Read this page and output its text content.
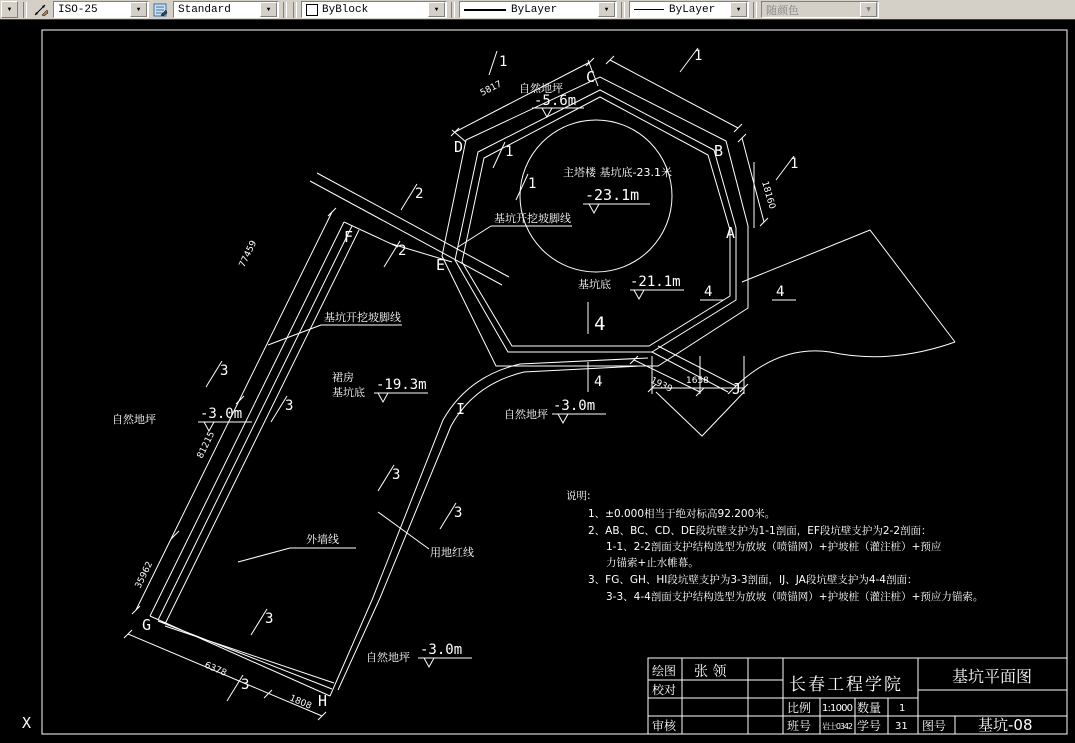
▼	ISO-25	▼	Standard	▼	ByBlock	▼	ByLayer	▼	ByLayer	▼	随颜色	▼
1
1
1
1
1
2
2
3
3
3
3
3
3
4
4
4	4
A
B
C
D
E
F
G
H
I
J
5817
77459
81215
35962
6378
1808
18160
1939 1658
自然地坪
-5.6m
主塔楼 基坑底-23.1米
-23.1m
基坑开挖坡脚线
基坑底 -21.1m
基坑开挖坡脚线
裙房
基坑底 -19.3m
自然地坪	-3.0m	自然地坪
-3.0m
外墙线
用地红线
自然地坪 -3.0m
说明:
1、±0.000相当于绝对标高92.200米。
2、AB、BC、CD、DE段坑壁支护为1-1剖面，EF段坑壁支护为2-2剖面：
1-1、2-2剖面支护结构选型为放坡（喷锚网）+护坡桩（灌注桩）+预应
力锚索+止水帷幕。
3、FG、GH、HI段坑壁支护为3-3剖面，IJ、JA段坑壁支护为4-4剖面：
3-3、4-4剖面支护结构选型为放坡（喷锚网）+护坡桩（灌注桩）+预应力锚索。
绘图 张 领
校对
审核
长春工程学院
比例 1:1000 数量 1
班号 岩土0342 学号 31
基坑平面图
图号 基坑-08
X
